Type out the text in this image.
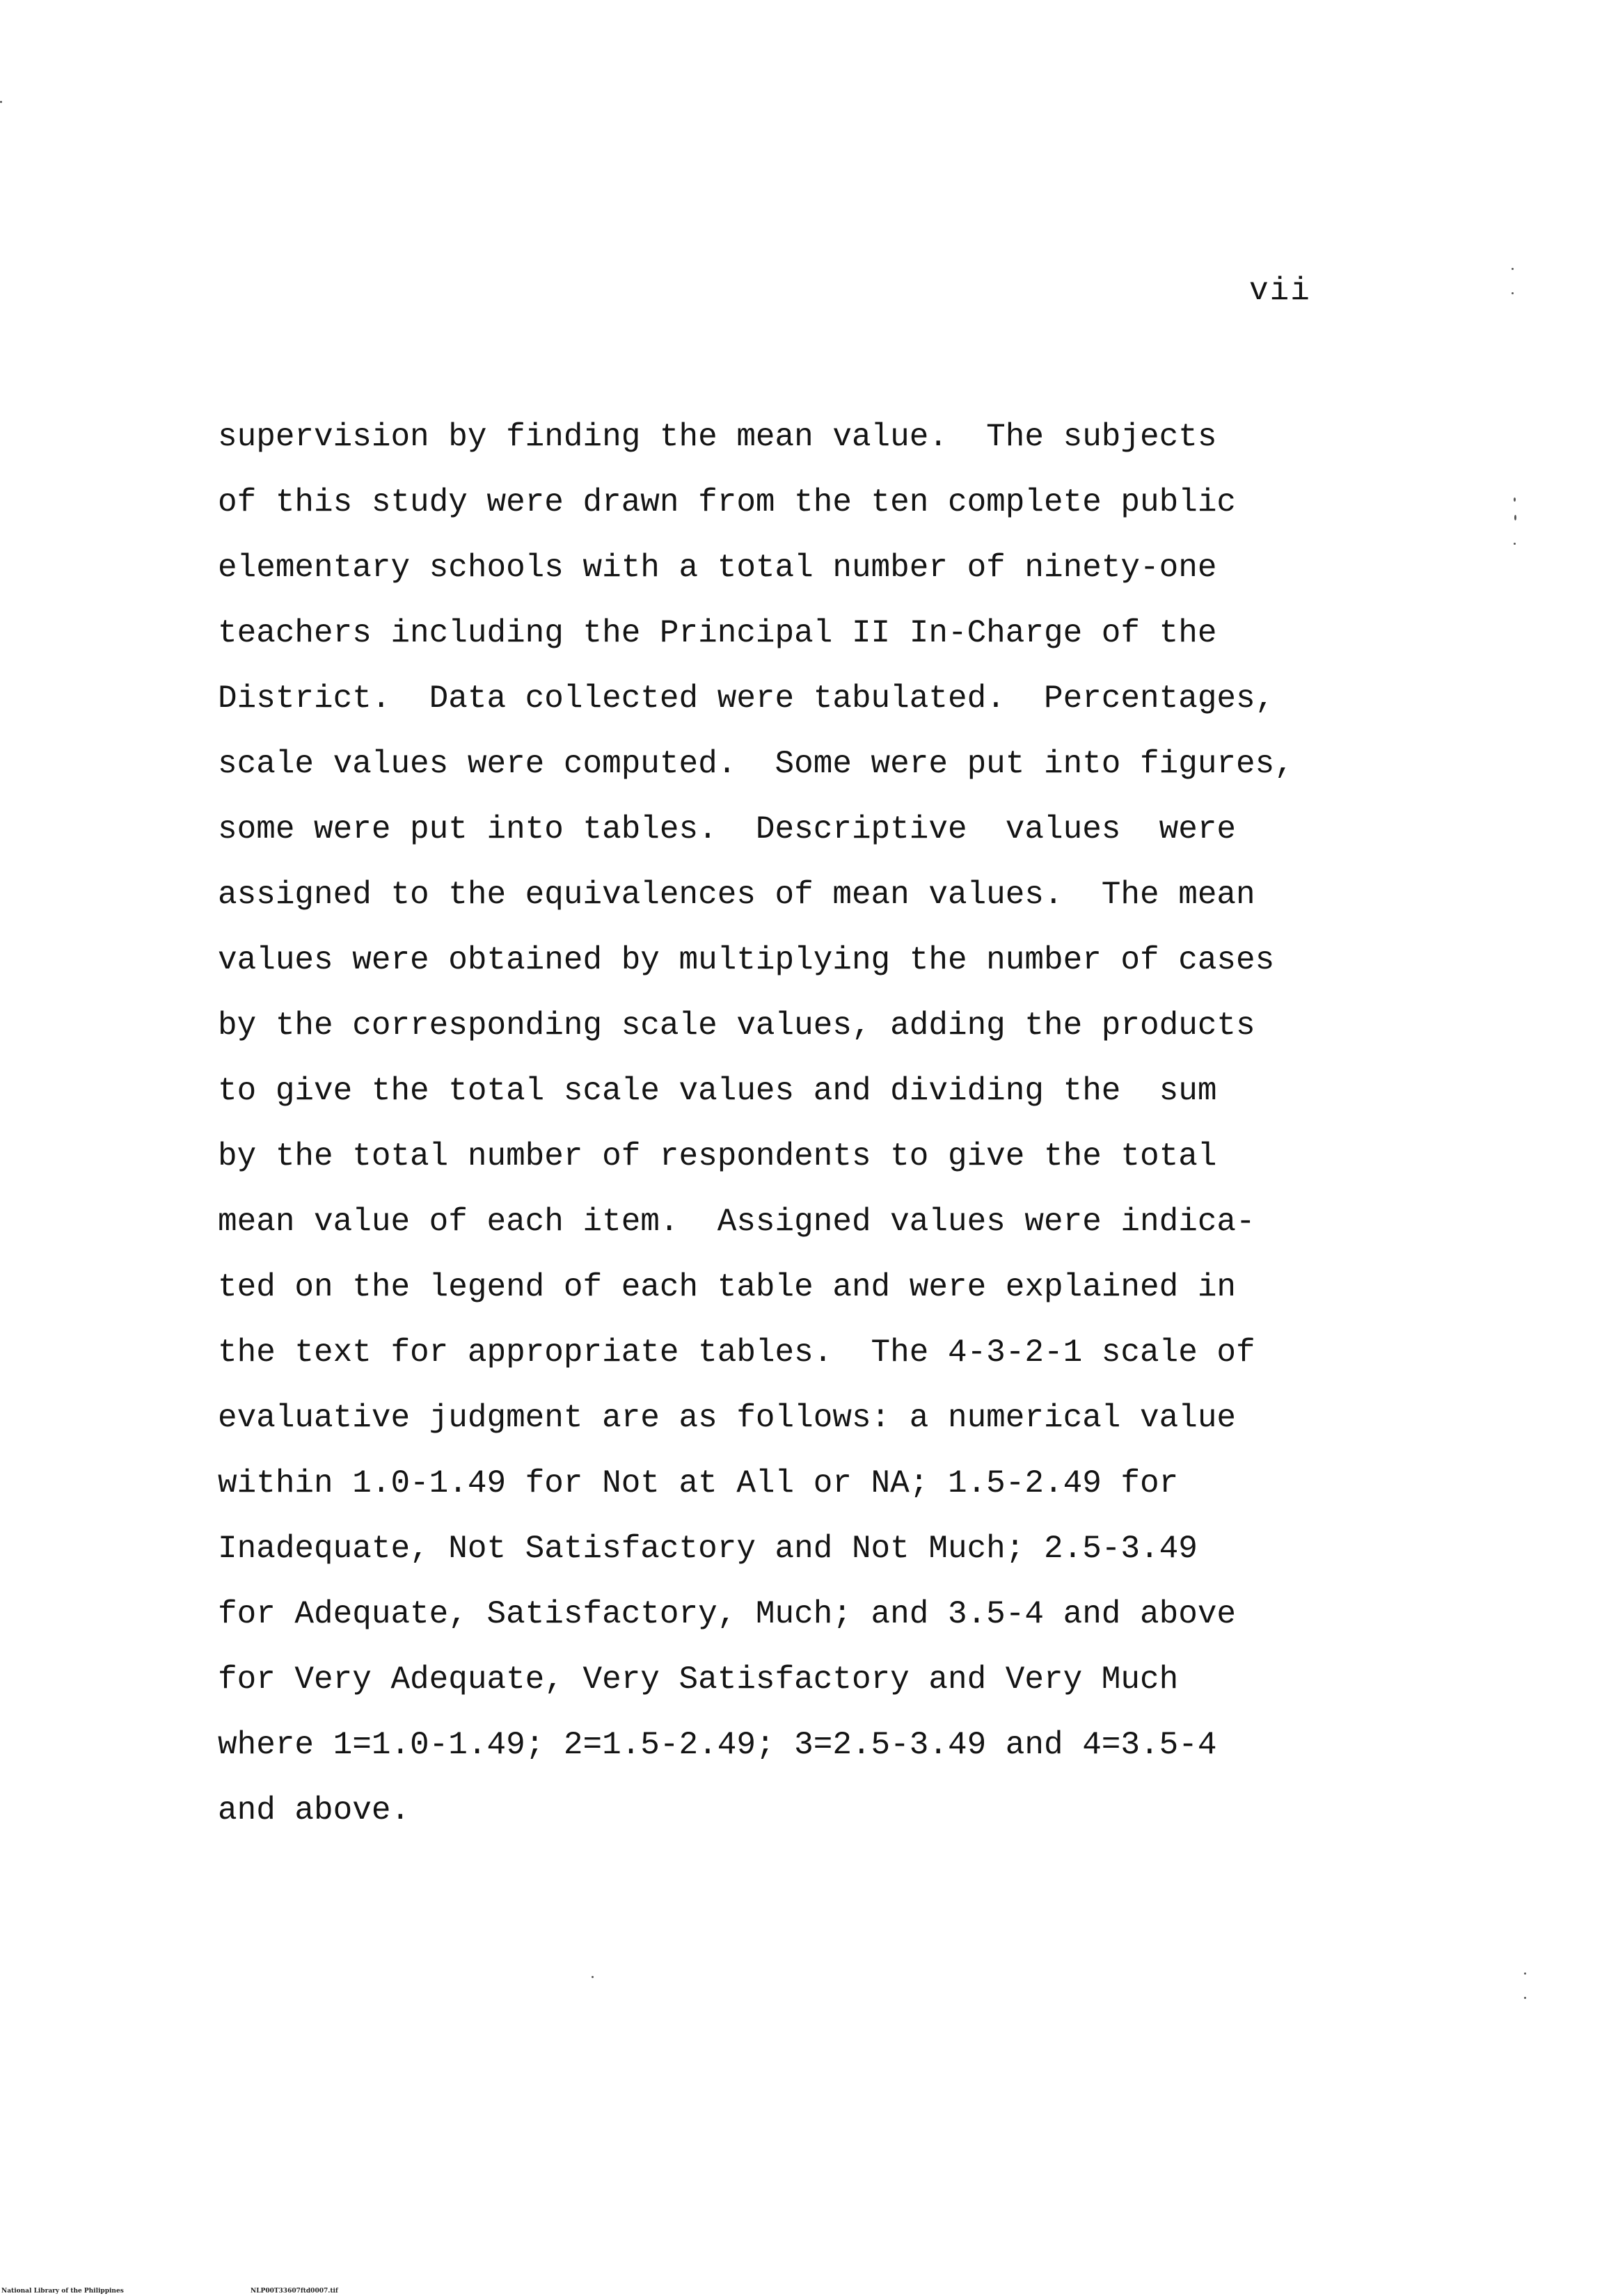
vii
supervision by finding the mean value.  The subjects
of this study were drawn from the ten complete public
elementary schools with a total number of ninety-one
teachers including the Principal II In-Charge of the
District.  Data collected were tabulated.  Percentages,
scale values were computed.  Some were put into figures,
some were put into tables.  Descriptive  values  were
assigned to the equivalences of mean values.  The mean
values were obtained by multiplying the number of cases
by the corresponding scale values, adding the products
to give the total scale values and dividing the  sum
by the total number of respondents to give the total
mean value of each item.  Assigned values were indica-
ted on the legend of each table and were explained in
the text for appropriate tables.  The 4-3-2-1 scale of
evaluative judgment are as follows: a numerical value
within 1.0-1.49 for Not at All or NA; 1.5-2.49 for
Inadequate, Not Satisfactory and Not Much; 2.5-3.49
for Adequate, Satisfactory, Much; and 3.5-4 and above
for Very Adequate, Very Satisfactory and Very Much
where 1=1.0-1.49; 2=1.5-2.49; 3=2.5-3.49 and 4=3.5-4
and above.
National Library of the Philippines	NLP00T33607ftd0007.tif
